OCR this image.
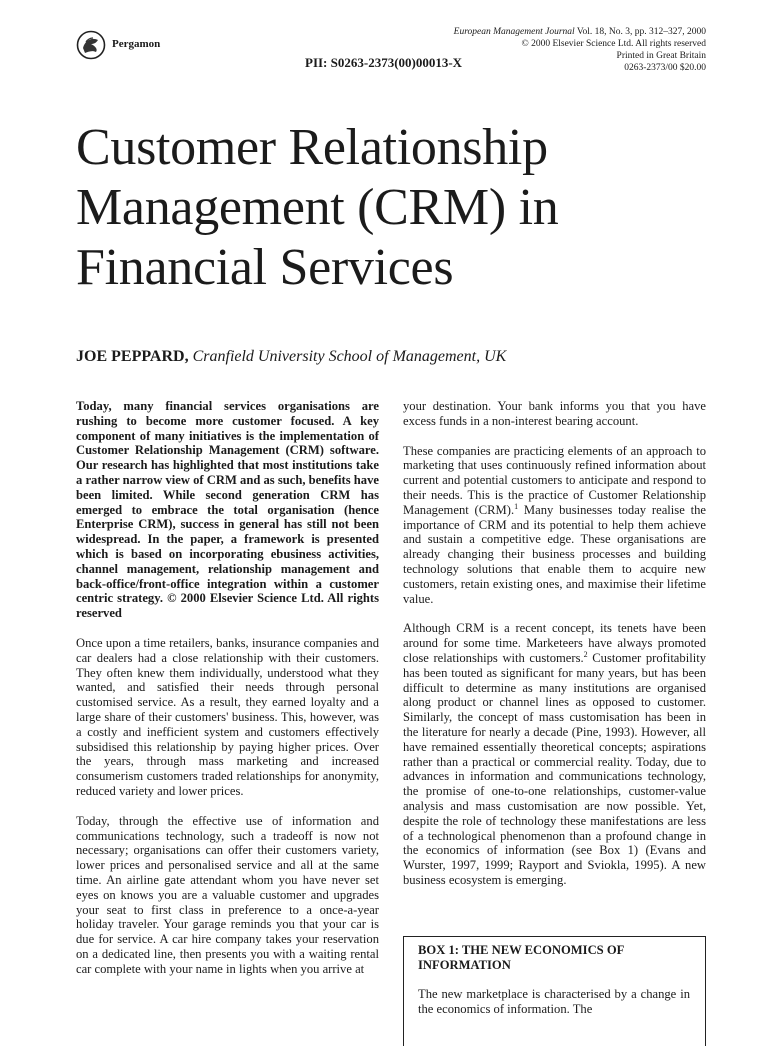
Pergamon
PII: S0263-2373(00)00013-X
European Management Journal Vol. 18, No. 3, pp. 312–327, 2000
© 2000 Elsevier Science Ltd. All rights reserved
Printed in Great Britain
0263-2373/00 $20.00
Customer Relationship
Management (CRM) in
Financial Services
JOE PEPPARD, Cranfield University School of Management, UK

Today, many financial services organisations are rushing to become more customer focused. A key component of many initiatives is the implementation of Customer Relationship Management (CRM) software. Our research has highlighted that most institutions take a rather narrow view of CRM and as such, benefits have been limited. While second generation CRM has emerged to embrace the total organisation (hence Enterprise CRM), success in general has still not been widespread. In the paper, a framework is presented which is based on incorporating ebusiness activities, channel management, relationship management and back-office/front-office integration within a customer centric strategy. © 2000 Elsevier Science Ltd. All rights reserved

Once upon a time retailers, banks, insurance companies and car dealers had a close relationship with their customers. They often knew them individually, understood what they wanted, and satisfied their needs through personal customised service. As a result, they earned loyalty and a large share of their customers' business. This, however, was a costly and inefficient system and customers effectively subsidised this relationship by paying higher prices. Over the years, through mass marketing and increased consumerism customers traded relationships for anonymity, reduced variety and lower prices.

Today, through the effective use of information and communications technology, such a tradeoff is now not necessary; organisations can offer their customers variety, lower prices and personalised service and all at the same time. An airline gate attendant whom you have never set eyes on knows you are a valuable customer and upgrades your seat to first class in preference to a once-a-year holiday traveler. Your garage reminds you that your car is due for service. A car hire company takes your reservation on a dedicated line, then presents you with a waiting rental car complete with your name in lights when you arrive at

your destination. Your bank informs you that you have excess funds in a non-interest bearing account.

These companies are practicing elements of an approach to marketing that uses continuously refined information about current and potential customers to anticipate and respond to their needs. This is the practice of Customer Relationship Management (CRM).$^1$ Many businesses today realise the importance of CRM and its potential to help them achieve and sustain a competitive edge. These organisations are already changing their business processes and building technology solutions that enable them to acquire new customers, retain existing ones, and maximise their lifetime value.

Although CRM is a recent concept, its tenets have been around for some time. Marketeers have always promoted close relationships with customers.$^2$ Customer profitability has been touted as significant for many years, but has been difficult to determine as many institutions are organised along product or channel lines as opposed to customer. Similarly, the concept of mass customisation has been in the literature for nearly a decade (Pine, 1993). However, all have remained essentially theoretical concepts; aspirations rather than a practical or commercial reality. Today, due to advances in information and communications technology, the promise of one-to-one relationships, customer-value analysis and mass customisation are now possible. Yet, despite the role of technology these manifestations are less of a technological phenomenon than a profound change in the economics of information (see Box 1) (Evans and Wurster, 1997, 1999; Rayport and Sviokla, 1995). A new business ecosystem is emerging.

BOX 1: THE NEW ECONOMICS OF INFORMATION
The new marketplace is characterised by a change in the economics of information. The
